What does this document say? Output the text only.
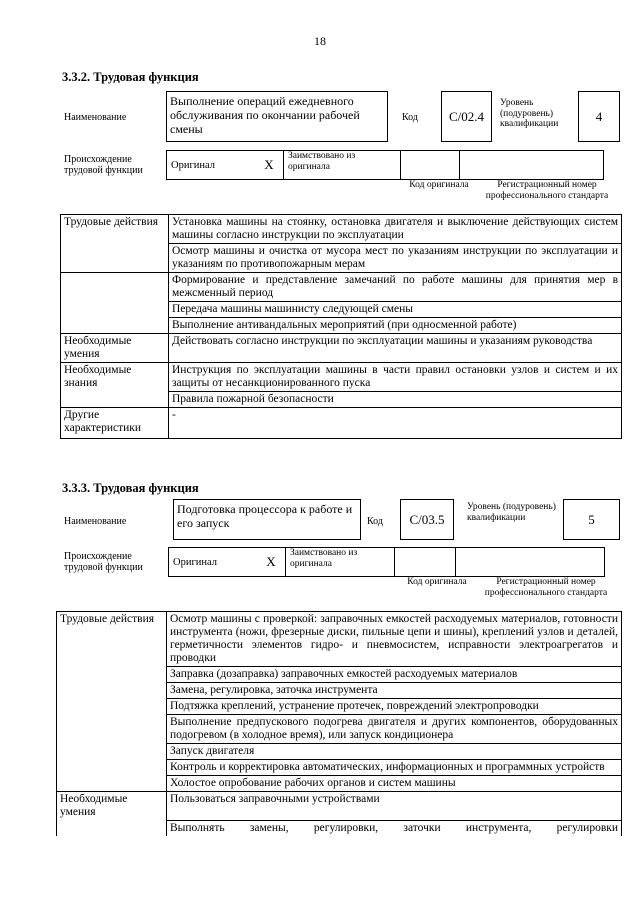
18
3.3.2. Трудовая функция
Наименование
Выполнение операций ежедневного обслуживания по окончании рабочей смены
Код	C/02.4
Уровень (подуровень) квалификации
4
Происхождение трудовой функции	Оригинал	X	Заимствовано из оригинала		
Код оригинала	Регистрационный номер профессионального стандарта
Трудовые действия	Установка машины на стоянку, остановка двигателя и выключение действующих систем машины согласно инструкции по эксплуатации
	Осмотр машины и очистка от мусора мест по указаниям инструкции по эксплуатации и указаниям по противопожарным мерам
	Формирование и представление замечаний по работе машины для принятия мер в межсменный период
	Передача машины машинисту следующей смены
	Выполнение антивандальных мероприятий (при односменной работе)
Необходимые умения	Действовать согласно инструкции по эксплуатации машины и указаниям руководства
Необходимые знания	Инструкция по эксплуатации машины в части правил остановки узлов и систем и их защиты от несанкционированного пуска
	Правила пожарной безопасности
Другие характеристики	-
3.3.3. Трудовая функция
Наименование
Подготовка процессора к работе и его запуск	Код	C/03.5
Уровень (подуровень) квалификации	5
Происхождение трудовой функции	Оригинал	X	Заимствовано из оригинала		
Код оригинала	Регистрационный номер профессионального стандарта
Трудовые действия	Осмотр машины с проверкой: заправочных емкостей расходуемых материалов, готовности инструмента (ножи, фрезерные диски, пильные цепи и шины), креплений узлов и деталей, герметичности элементов гидро- и пневмосистем, исправности электроагрегатов и проводки
	Заправка (дозаправка) заправочных емкостей расходуемых материалов
	Замена, регулировка, заточка инструмента
	Подтяжка креплений, устранение протечек, повреждений электропроводки
	Выполнение предпускового подогрева двигателя и других компонентов, оборудованных подогревом (в холодное время), или запуск кондиционера
	Запуск двигателя
	Контроль и корректировка автоматических, информационных и программных устройств
	Холостое опробование рабочих органов и систем машины
Необходимые умения	Пользоваться заправочными устройствами
	Выполнять замены, регулировки, заточки инструмента, регулировки
